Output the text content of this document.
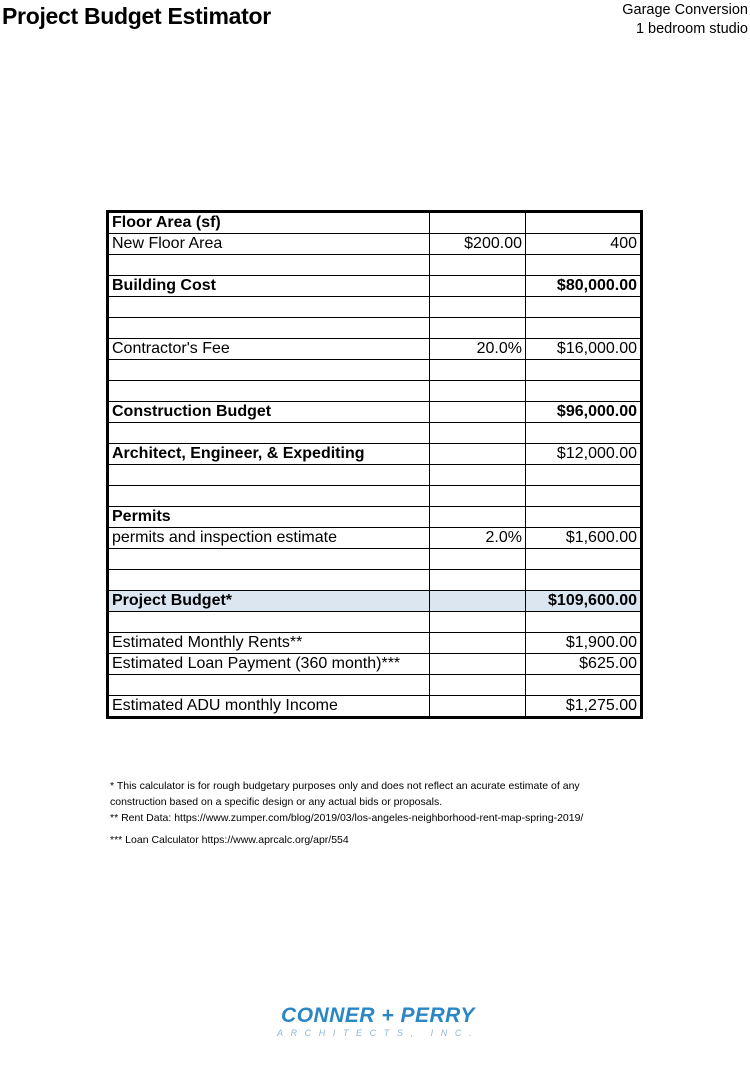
Project Budget Estimator	Garage Conversion
1 bedroom studio
Floor Area (sf)		
New Floor Area	$200.00	400

Building Cost		$80,000.00

Contractor's Fee	20.0%	$16,000.00

Construction Budget		$96,000.00

Architect, Engineer, & Expediting		$12,000.00

Permits		
permits and inspection estimate	2.0%	$1,600.00

Project Budget*		$109,600.00

Estimated Monthly Rents**		$1,900.00
Estimated Loan Payment (360 month)***		$625.00

Estimated ADU monthly Income		$1,275.00

* This calculator is for rough budgetary purposes only and does not reflect an acurate estimate of any

construction based on a specific design or any actual bids or proposals.

** Rent Data: https://www.zumper.com/blog/2019/03/los-angeles-neighborhood-rent-map-spring-2019/

*** Loan Calculator https://www.aprcalc.org/apr/554

CONNER + PERRY
ARCHITECTS, INC.
